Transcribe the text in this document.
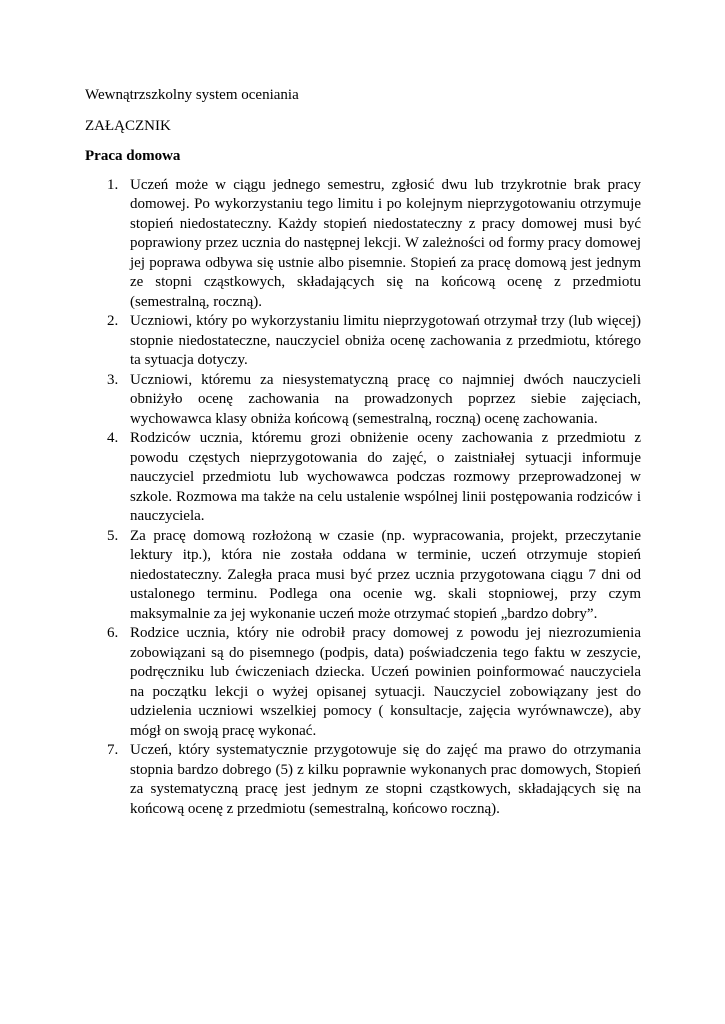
Wewnątrzszkolny system oceniania

ZAŁĄCZNIK

Praca domowa

1. Uczeń może w ciągu jednego semestru, zgłosić dwu lub trzykrotnie brak pracy domowej. Po wykorzystaniu tego limitu i po kolejnym nieprzygotowaniu otrzymuje stopień niedostateczny. Każdy stopień niedostateczny z pracy domowej musi być poprawiony przez ucznia do następnej lekcji. W zależności od formy pracy domowej jej poprawa odbywa się ustnie albo pisemnie. Stopień za pracę domową jest jednym ze stopni cząstkowych, składających się na końcową ocenę z przedmiotu (semestralną, roczną).
2. Uczniowi, który po wykorzystaniu limitu nieprzygotowań otrzymał trzy (lub więcej) stopnie niedostateczne, nauczyciel obniża ocenę zachowania z przedmiotu, którego ta sytuacja dotyczy.
3. Uczniowi, któremu za niesystematyczną pracę co najmniej dwóch nauczycieli obniżyło ocenę zachowania na prowadzonych poprzez siebie zajęciach, wychowawca klasy obniża końcową (semestralną, roczną) ocenę zachowania.
4. Rodziców ucznia, któremu grozi obniżenie oceny zachowania z przedmiotu z powodu częstych nieprzygotowania do zajęć, o zaistniałej sytuacji informuje nauczyciel przedmiotu lub wychowawca podczas rozmowy przeprowadzonej w szkole. Rozmowa ma także na celu ustalenie wspólnej linii postępowania rodziców i nauczyciela.
5. Za pracę domową rozłożoną w czasie (np. wypracowania, projekt, przeczytanie lektury itp.), która nie została oddana w terminie, uczeń otrzymuje stopień niedostateczny. Zaległa praca musi być przez ucznia przygotowana ciągu 7 dni od ustalonego terminu. Podlega ona ocenie wg. skali stopniowej, przy czym maksymalnie za jej wykonanie uczeń może otrzymać stopień „bardzo dobry”.
6. Rodzice ucznia, który nie odrobił pracy domowej z powodu jej niezrozumienia zobowiązani są do pisemnego (podpis, data) poświadczenia tego faktu w zeszycie, podręczniku lub ćwiczeniach dziecka. Uczeń powinien poinformować nauczyciela na początku lekcji o wyżej opisanej sytuacji. Nauczyciel zobowiązany jest do udzielenia uczniowi wszelkiej pomocy ( konsultacje, zajęcia wyrównawcze), aby mógł on swoją pracę wykonać.
7. Uczeń, który systematycznie przygotowuje się do zajęć ma prawo do otrzymania stopnia bardzo dobrego (5) z kilku poprawnie wykonanych prac domowych, Stopień za systematyczną pracę jest jednym ze stopni cząstkowych, składających się na końcową ocenę z przedmiotu (semestralną, końcowo roczną).
